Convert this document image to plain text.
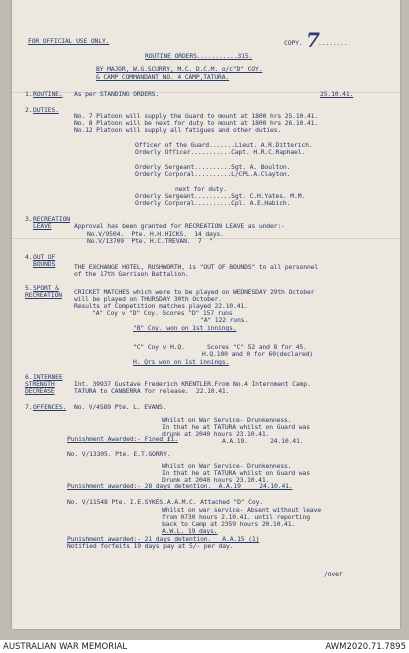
FOR OFFICIAL USE ONLY.	COPY. 7
........
ROUTINE ORDERS...........315.
BY MAJOR, W.G.SCURRY, M.C. D.C.M. o/c"D" COY.
& CAMP COMMANDANT NO. 4 CAMP,TATURA.
1. ROUTINE. As per STANDING ORDERS.	25.10.41.
2. DUTIES.
No. 7 Platoon will supply the Guard to mount at 1800 hrs 25.10.41.
No. 8 Platoon will be next for duty to mount at 1800 hrs 26.10.41.
No.12 Platoon will supply all fatigues and other duties.
Officer of the Guard.......Lieut. A.R.Ditterich.
Orderly Officer...........Capt. H.R.C.Raphael.
Orderly Sergeant..........Sgt. A. Boulton.
Orderly Corporal..........L/CPL.A.Clayton.
next for duty.
Orderly Sergeant..........Sgt. C.H.Yates. M.M.
Orderly Corporal..........Cpl. A.E.Habich.
3. RECREATION
LEAVE	Approval has been granted for RECREATION LEAVE as under:-
No.V/9504.  Pte. H.H.HICKS.  14 days.
No.V/13709  Pte. H.C.TREVAN.  7  "
4. OUT OF
BOUNDS	THE EXCHANGE HOTEL, RUSHWORTH, is "OUT OF BOUNDS" to all personnel
of the 17th Garrison Battalion.
5. SPORT &
RECREATION CRICKET MATCHES which were to be played on WEDNESDAY 29th October
will be played on THURSDAY 30th October.
Results of Competition matches played 22.10.41.
"A" Coy v "D" Coy. Scores "D" 157 runs
"A" 122 runs.
"B" Coy. won on 1st innings.
"C" Coy v H.Q.      Scores "C" 52 and 8 for 45.
H.Q.100 and 0 for 60(declared)
H. Qrs won on 1st innings.
6. INTERNEE
STRENGTH
DECREASE
Int. 39937 Gustave Frederich KRENTLER.From No.4 Internment Camp.
TATURA to CANBERRA for release.  22.10.41.
7. OFFENCES. No. V/4589 Pte. L. EVANS.
Whilst on War Service- Drunkenness.
In that he at TATURA whilst on Guard was
drunk at 2040 hours 23.10.41.
A.A.19.      24.10.41.
Punishment Awarded:- Fined £1.
No. V/13305. Pte. E.T.GORRY.
Whilst on War Service- Drunkenness.
In that he at TATURA whilst on Guard was
Drunk at 2040 hours 23.10.41.
Punishment awarded:- 28 days detention.  A.A.19     24.10.41.
No. V/11548 Pte. I.E.SYKES.A.A.M.C. Attached "D" Coy.
Whilst on war service- Absent without leave
from 0730 hours 2.10.41. until reporting
back to Camp at 2359 hours 20.10.41.
A.W.L. 19 days.
Punishment awarded:- 21 days detention.   A.A.15 (1)
Notified forfeits 19 days pay at 5/- per day.
/over
AUSTRALIAN WAR MEMORIAL	AWM2020.71.7895
